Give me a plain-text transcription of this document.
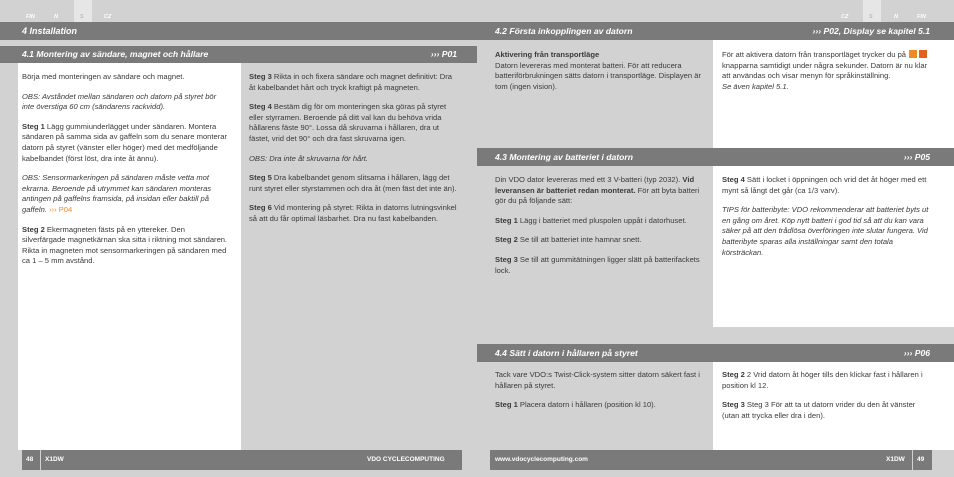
FIN	N	S	CZ	CZ	S	N	FIN
4 Installation
4.1 Montering av sändare, magnet och hållare	››› P01

Börja med monteringen av sändare och magnet.

OBS: Avståndet mellan sändaren och datorn på styret bör inte överstiga 60 cm (sändarens rackvidd).

Steg 1 Lägg gummiunderlägget under sändaren. Montera sändaren på samma sida av gaffeln som du senare monterar datorn på styret (vänster eller höger) med det medföljande kabelbandet (först löst, dra inte åt ännu).

OBS: Sensormarkeringen på sändaren måste vetta mot ekrarna. Beroende på utrymmet kan sändaren monteras antingen på gaffelns framsida, på insidan eller baktill på gaffeln. ››› P04

Steg 2 Ekermagneten fästs på en yttereker. Den silverfärgade magnetkärnan ska sitta i riktning mot sändaren. Rikta in magneten mot sensormarkeringen på sändaren med ca 1 – 5 mm avstånd.

Steg 3 Rikta in och fixera sändare och magnet definitivt: Dra åt kabelbandet hårt och tryck kraftigt på magneten.

Steg 4 Bestäm dig för om monteringen ska göras på styret eller styrramen. Beroende på ditt val kan du behöva vrida hållarens fäste 90°. Lossa då skruvarna i hållaren, dra ut fästet, vrid det 90° och dra fast skruvarna igen.

OBS: Dra inte åt skruvarna för hårt.

Steg 5 Dra kabelbandet genom slitsarna i hållaren, lägg det runt styret eller styrstammen och dra åt (men fäst det inte än).

Steg 6 Vid montering på styret: Rikta in datorns lutningsvinkel så att du får optimal läsbarhet. Dra nu fast kabelbanden.

4.2 Första inkopplingen av datorn	››› P02, Display se kapitel 5.1

Aktivering från transportläge
Datorn levereras med monterat batteri. För att reducera batteriförbrukningen sätts datorn i transportläge. Displayen är tom (ingen vision).

För att aktivera datorn från transportläget trycker du på  knapparna samtidigt under några sekunder. Datorn är nu klar att användas och visar menyn för språkinställning.
Se även kapitel 5.1.

4.3 Montering av batteriet i datorn	››› P05

Din VDO dator levereras med ett 3 V-batteri (typ 2032). Vid leveransen är batteriet redan monterat. För att byta batteri gör du på följande sätt:

Steg 1 Lägg i batteriet med pluspolen uppåt i datorhuset.

Steg 2 Se till att batteriet inte hamnar snett.

Steg 3 Se till att gummitätningen ligger slätt på batterifackets lock.

Steg 4 Sätt i locket i öppningen och vrid det åt höger med ett mynt så långt det går (ca 1/3 varv).

TIPS för batteribyte: VDO rekommenderar att batteriet byts ut en gång om året. Köp nytt batteri i god tid så att du kan vara säker på att den trådlösa överföringen inte slutar fungera. Vid batteribyte sparas alla inställningar samt den totala körsträckan.

4.4 Sätt i datorn i hållaren på styret	››› P06

Tack vare VDO:s Twist-Click-system sitter datorn säkert fast i hållaren på styret.

Steg 1 Placera datorn i hållaren (position kl 10).

Steg 2 2 Vrid datorn åt höger tills den klickar fast i hållaren i position kl 12.

Steg 3 Steg 3 För att ta ut datorn vrider du den åt vänster (utan att trycka eller dra i den).

48 X1DW	VDO CYCLECOMPUTING	www.vdocyclecomputing.com	X1DW 49
